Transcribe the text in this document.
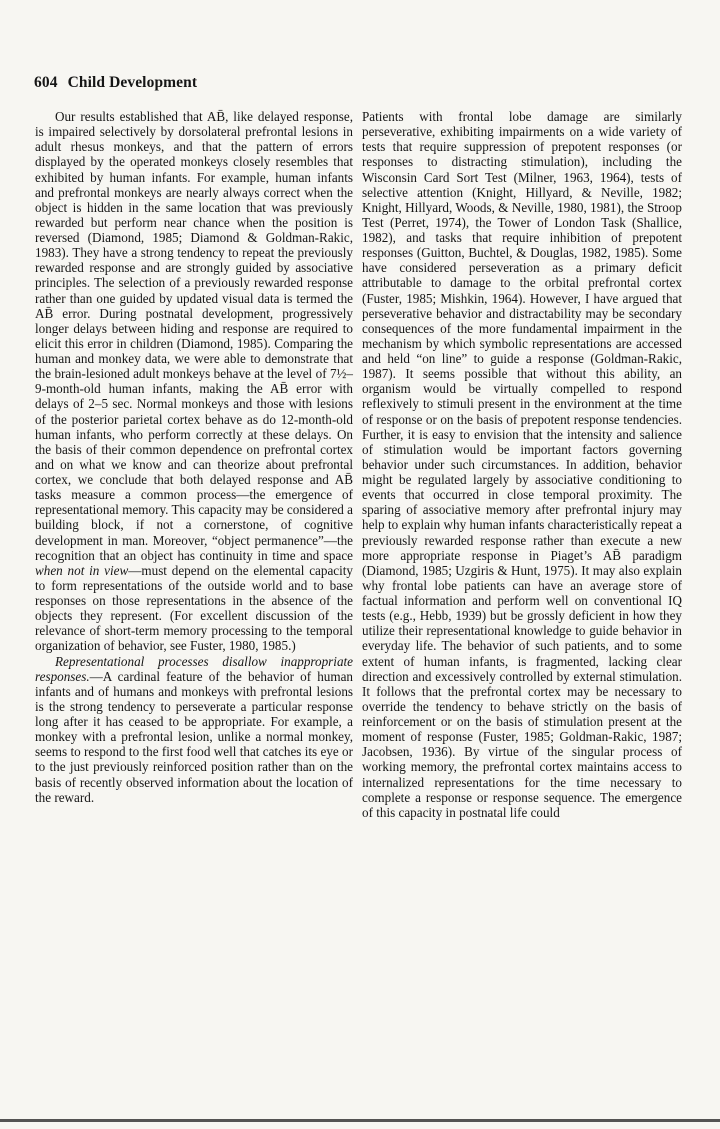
604 Child Development

Our results established that AB̄, like delayed response, is impaired selectively by dorsolateral prefrontal lesions in adult rhesus monkeys, and that the pattern of errors displayed by the operated monkeys closely resembles that exhibited by human infants. For example, human infants and prefrontal monkeys are nearly always correct when the object is hidden in the same location that was previously rewarded but perform near chance when the position is reversed (Diamond, 1985; Diamond & Goldman-Rakic, 1983). They have a strong tendency to repeat the previously rewarded response and are strongly guided by associative principles. The selection of a previously rewarded response rather than one guided by updated visual data is termed the AB̄ error. During postnatal development, progressively longer delays between hiding and response are required to elicit this error in children (Diamond, 1985). Comparing the human and monkey data, we were able to demonstrate that the brain-lesioned adult monkeys behave at the level of 7½–9-month-old human infants, making the AB̄ error with delays of 2–5 sec. Normal monkeys and those with lesions of the posterior parietal cortex behave as do 12-month-old human infants, who perform correctly at these delays. On the basis of their common dependence on prefrontal cortex and on what we know and can theorize about prefrontal cortex, we conclude that both delayed response and AB̄ tasks measure a common process—the emergence of representational memory. This capacity may be considered a building block, if not a cornerstone, of cognitive development in man. Moreover, “object permanence”—the recognition that an object has continuity in time and space when not in view—must depend on the elemental capacity to form representations of the outside world and to base responses on those representations in the absence of the objects they represent. (For excellent discussion of the relevance of short-term memory processing to the temporal organization of behavior, see Fuster, 1980, 1985.)

Representational processes disallow inappropriate responses.—A cardinal feature of the behavior of human infants and of humans and monkeys with prefrontal lesions is the strong tendency to perseverate a particular response long after it has ceased to be appropriate. For example, a monkey with a prefrontal lesion, unlike a normal monkey, seems to respond to the first food well that catches its eye or to the just previously reinforced position rather than on the basis of recently observed information about the location of the reward.

Patients with frontal lobe damage are similarly perseverative, exhibiting impairments on a wide variety of tests that require suppression of prepotent responses (or responses to distracting stimulation), including the Wisconsin Card Sort Test (Milner, 1963, 1964), tests of selective attention (Knight, Hillyard, & Neville, 1982; Knight, Hillyard, Woods, & Neville, 1980, 1981), the Stroop Test (Perret, 1974), the Tower of London Task (Shallice, 1982), and tasks that require inhibition of prepotent responses (Guitton, Buchtel, & Douglas, 1982, 1985). Some have considered perseveration as a primary deficit attributable to damage to the orbital prefrontal cortex (Fuster, 1985; Mishkin, 1964). However, I have argued that perseverative behavior and distractability may be secondary consequences of the more fundamental impairment in the mechanism by which symbolic representations are accessed and held “on line” to guide a response (Goldman-Rakic, 1987). It seems possible that without this ability, an organism would be virtually compelled to respond reflexively to stimuli present in the environment at the time of response or on the basis of prepotent response tendencies. Further, it is easy to envision that the intensity and salience of stimulation would be important factors governing behavior under such circumstances. In addition, behavior might be regulated largely by associative conditioning to events that occurred in close temporal proximity. The sparing of associative memory after prefrontal injury may help to explain why human infants characteristically repeat a previously rewarded response rather than execute a new more appropriate response in Piaget’s AB̄ paradigm (Diamond, 1985; Uzgiris & Hunt, 1975). It may also explain why frontal lobe patients can have an average store of factual information and perform well on conventional IQ tests (e.g., Hebb, 1939) but be grossly deficient in how they utilize their representational knowledge to guide behavior in everyday life. The behavior of such patients, and to some extent of human infants, is fragmented, lacking clear direction and excessively controlled by external stimulation. It follows that the prefrontal cortex may be necessary to override the tendency to behave strictly on the basis of reinforcement or on the basis of stimulation present at the moment of response (Fuster, 1985; Goldman-Rakic, 1987; Jacobsen, 1936). By virtue of the singular process of working memory, the prefrontal cortex maintains access to internalized representations for the time necessary to complete a response or response sequence. The emergence of this capacity in postnatal life could
